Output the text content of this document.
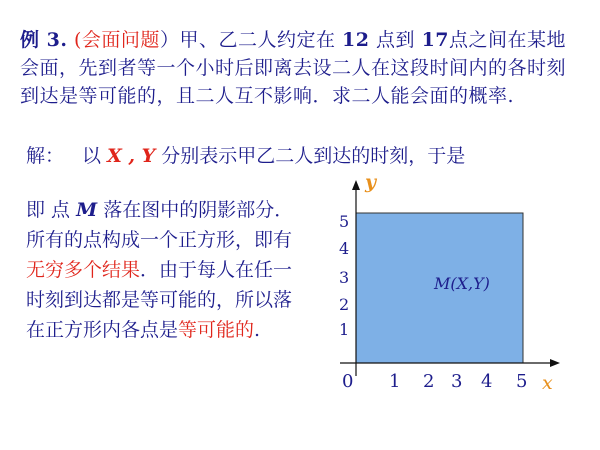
例 3. (会面问题）甲、乙二人约定在 12 点到 17点之间在某地会面，先到者等一个小时后即离去设二人在这段时间内的各时刻到达是等可能的，且二人互不影响．求二人能会面的概率.

解： 以 X , Y 分别表示甲乙二人到达的时刻，于是

即 点 M 落在图中的阴影部分．所有的点构成一个正方形，即有无穷多个结果．由于每人在任一时刻到达都是等可能的，所以落在正方形内各点是等可能的.

y
x
0 1 2 3 4 5
5
4
3
2
1
M(X,Y)
